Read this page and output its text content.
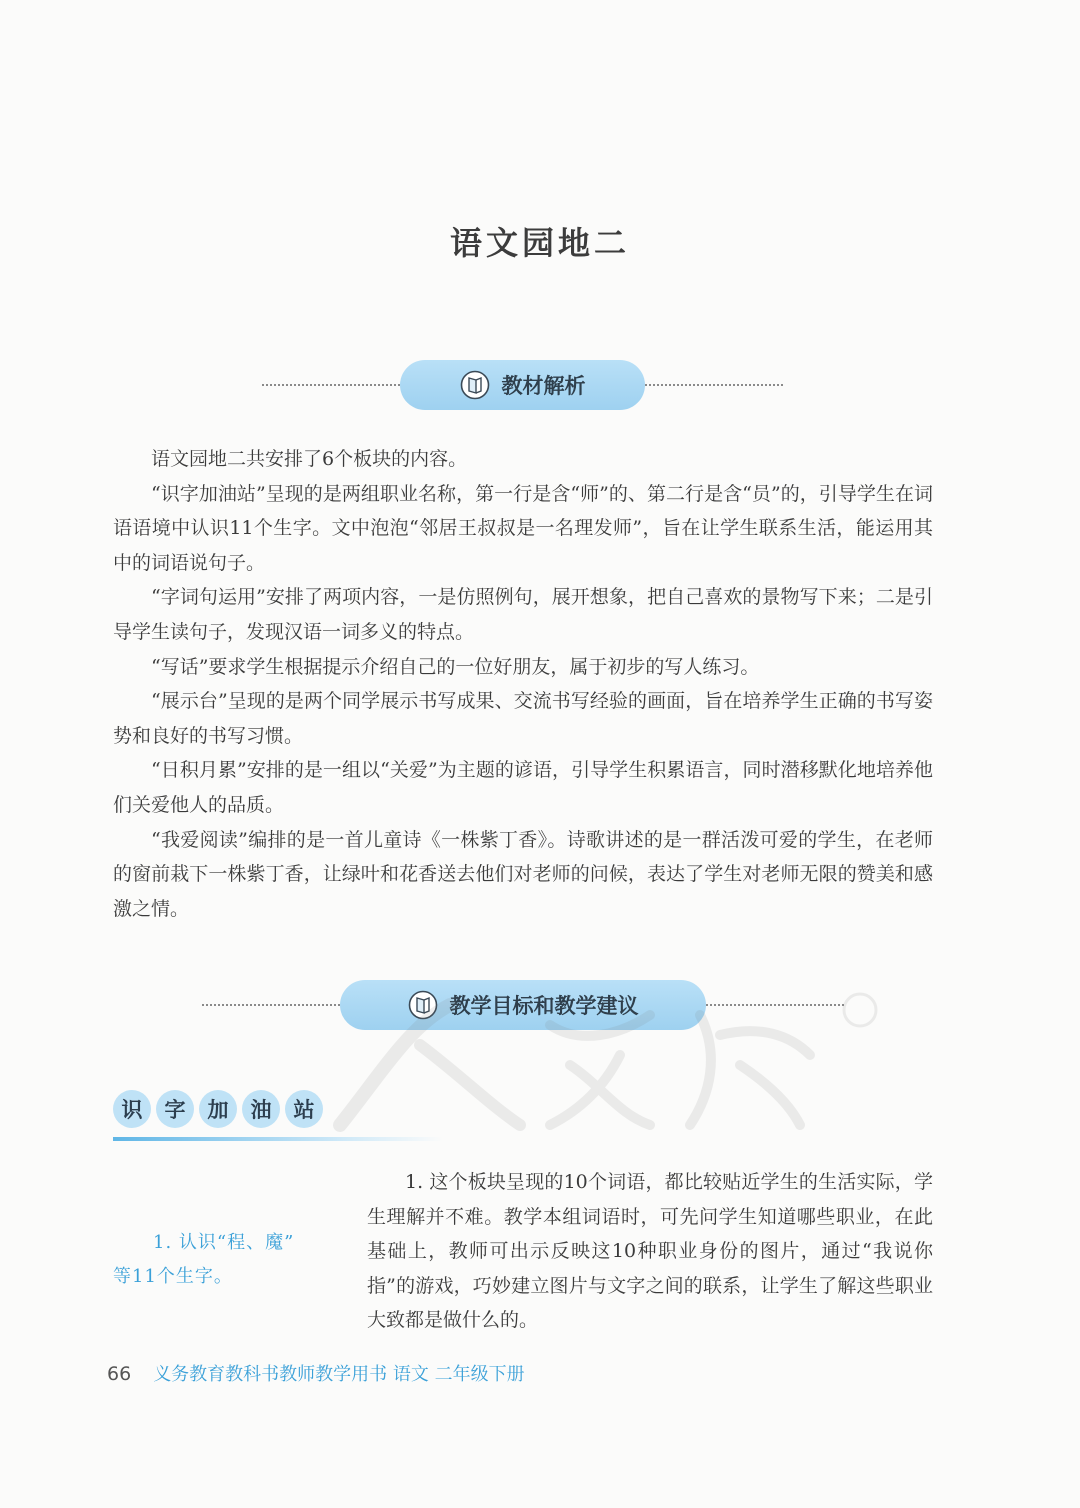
语文园地二
教材解析

语文园地二共安排了6个板块的内容。

“识字加油站”呈现的是两组职业名称，第一行是含“师”的、第二行是含“员”的，引导学生在词语语境中认识11个生字。文中泡泡“邻居王叔叔是一名理发师”，旨在让学生联系生活，能运用其中的词语说句子。

“字词句运用”安排了两项内容，一是仿照例句，展开想象，把自己喜欢的景物写下来；二是引导学生读句子，发现汉语一词多义的特点。

“写话”要求学生根据提示介绍自己的一位好朋友，属于初步的写人练习。

“展示台”呈现的是两个同学展示书写成果、交流书写经验的画面，旨在培养学生正确的书写姿势和良好的书写习惯。

“日积月累”安排的是一组以“关爱”为主题的谚语，引导学生积累语言，同时潜移默化地培养他们关爱他人的品质。

“我爱阅读”编排的是一首儿童诗《一株紫丁香》。诗歌讲述的是一群活泼可爱的学生，在老师的窗前栽下一株紫丁香，让绿叶和花香送去他们对老师的问候，表达了学生对老师无限的赞美和感激之情。

教学目标和教学建议
识	字	加	油	站
1. 认识“程、魔”
等11个生字。
1. 这个板块呈现的10个词语，都比较贴近学生的生活实际，学生理解并不难。教学本组词语时，可先问学生知道哪些职业，在此基础上，教师可出示反映这10种职业身份的图片，通过“我说你指”的游戏，巧妙建立图片与文字之间的联系，让学生了解这些职业大致都是做什么的。
66 义务教育教科书教师教学用书 语文 二年级下册
